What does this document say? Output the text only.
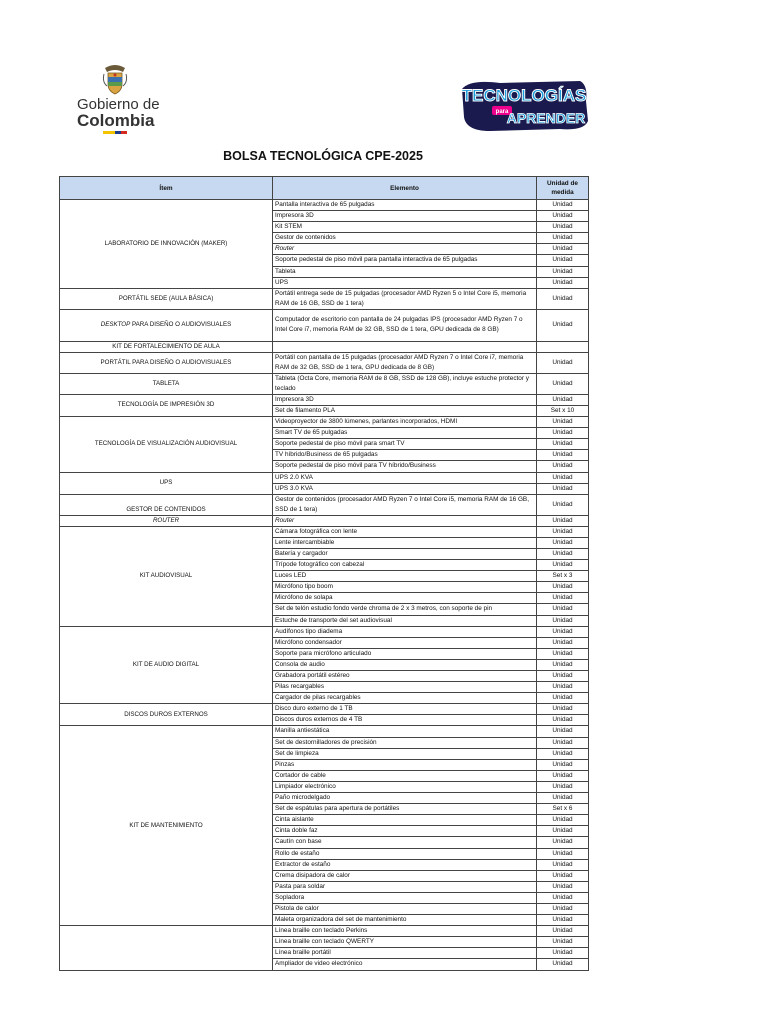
Gobierno de
Colombia
TECNOLOGÍAS
para
APRENDER
BOLSA TECNOLÓGICA CPE-2025
Ítem	Elemento	Unidad de medida
LABORATORIO DE INNOVACIÓN (MAKER)	Pantalla interactiva de 65 pulgadas	Unidad
	Impresora 3D	Unidad
	Kit STEM	Unidad
	Gestor de contenidos	Unidad
	Router	Unidad
	Soporte pedestal de piso móvil para pantalla interactiva de 65 pulgadas	Unidad
	Tableta	Unidad
	UPS	Unidad
PORTÁTIL SEDE (AULA BÁSICA)	Portátil entrega sede de 15 pulgadas (procesador AMD Ryzen 5 o Intel Core i5, memoria RAM de 16 GB, SSD de 1 tera)	Unidad
DESKTOP PARA DISEÑO O AUDIOVISUALES	Computador de escritorio con pantalla de 24 pulgadas IPS (procesador AMD Ryzen 7 o Intel Core i7, memoria RAM de 32 GB, SSD de 1 tera, GPU dedicada de 8 GB)	Unidad
KIT DE FORTALECIMIENTO DE AULA		
PORTÁTIL PARA DISEÑO O AUDIOVISUALES	Portátil con pantalla de 15 pulgadas (procesador AMD Ryzen 7 o Intel Core i7, memoria RAM de 32 GB, SSD de 1 tera, GPU dedicada de 8 GB)	Unidad
TABLETA	Tableta (Octa Core, memoria RAM de 8 GB, SSD de 128 GB), incluye estuche protector y teclado	Unidad
TECNOLOGÍA DE IMPRESIÓN 3D	Impresora 3D	Unidad
	Set de filamento PLA	Set x 10
TECNOLOGÍA DE VISUALIZACIÓN AUDIOVISUAL	Videoproyector de 3800 lúmenes, parlantes incorporados, HDMI	Unidad
	Smart TV de 65 pulgadas	Unidad
	Soporte pedestal de piso móvil para smart TV	Unidad
	TV híbrido/Business de 65 pulgadas	Unidad
	Soporte pedestal de piso móvil para TV híbrido/Business	Unidad
UPS	UPS 2.0 KVA	Unidad
	UPS 3.0 KVA	Unidad
GESTOR DE CONTENIDOS	Gestor de contenidos (procesador AMD Ryzen 7 o Intel Core i5, memoria RAM de 16 GB, SSD de 1 tera)	Unidad
ROUTER	Router	Unidad
KIT AUDIOVISUAL	Cámara fotográfica con lente	Unidad
	Lente intercambiable	Unidad
	Batería y cargador	Unidad
	Trípode fotográfico con cabezal	Unidad
	Luces LED	Set x 3
	Micrófono tipo boom	Unidad
	Micrófono de solapa	Unidad
	Set de telón estudio fondo verde chroma de 2 x 3 metros, con soporte de pin	Unidad
	Estuche de transporte del set audiovisual	Unidad
KIT DE AUDIO DIGITAL	Audífonos tipo diadema	Unidad
	Micrófono condensador	Unidad
	Soporte para micrófono articulado	Unidad
	Consola de audio	Unidad
	Grabadora portátil estéreo	Unidad
	Pilas recargables	Unidad
	Cargador de pilas recargables	Unidad
DISCOS DUROS EXTERNOS	Disco duro externo de 1 TB	Unidad
	Discos duros externos de 4 TB	Unidad
KIT DE MANTENIMIENTO	Manilla antiestática	Unidad
	Set de destornilladores de precisión	Unidad
	Set de limpieza	Unidad
	Pinzas	Unidad
	Cortador de cable	Unidad
	Limpiador electrónico	Unidad
	Paño microdelgado	Unidad
	Set de espátulas para apertura de portátiles	Set x 6
	Cinta aislante	Unidad
	Cinta doble faz	Unidad
	Cautín con base	Unidad
	Rollo de estaño	Unidad
	Extractor de estaño	Unidad
	Crema disipadora de calor	Unidad
	Pasta para soldar	Unidad
	Sopladora	Unidad
	Pistola de calor	Unidad
	Maleta organizadora del set de mantenimiento	Unidad
	Línea braille con teclado Perkins	Unidad
	Línea braille con teclado QWERTY	Unidad
	Línea braille portátil	Unidad
	Ampliador de video electrónico	Unidad
